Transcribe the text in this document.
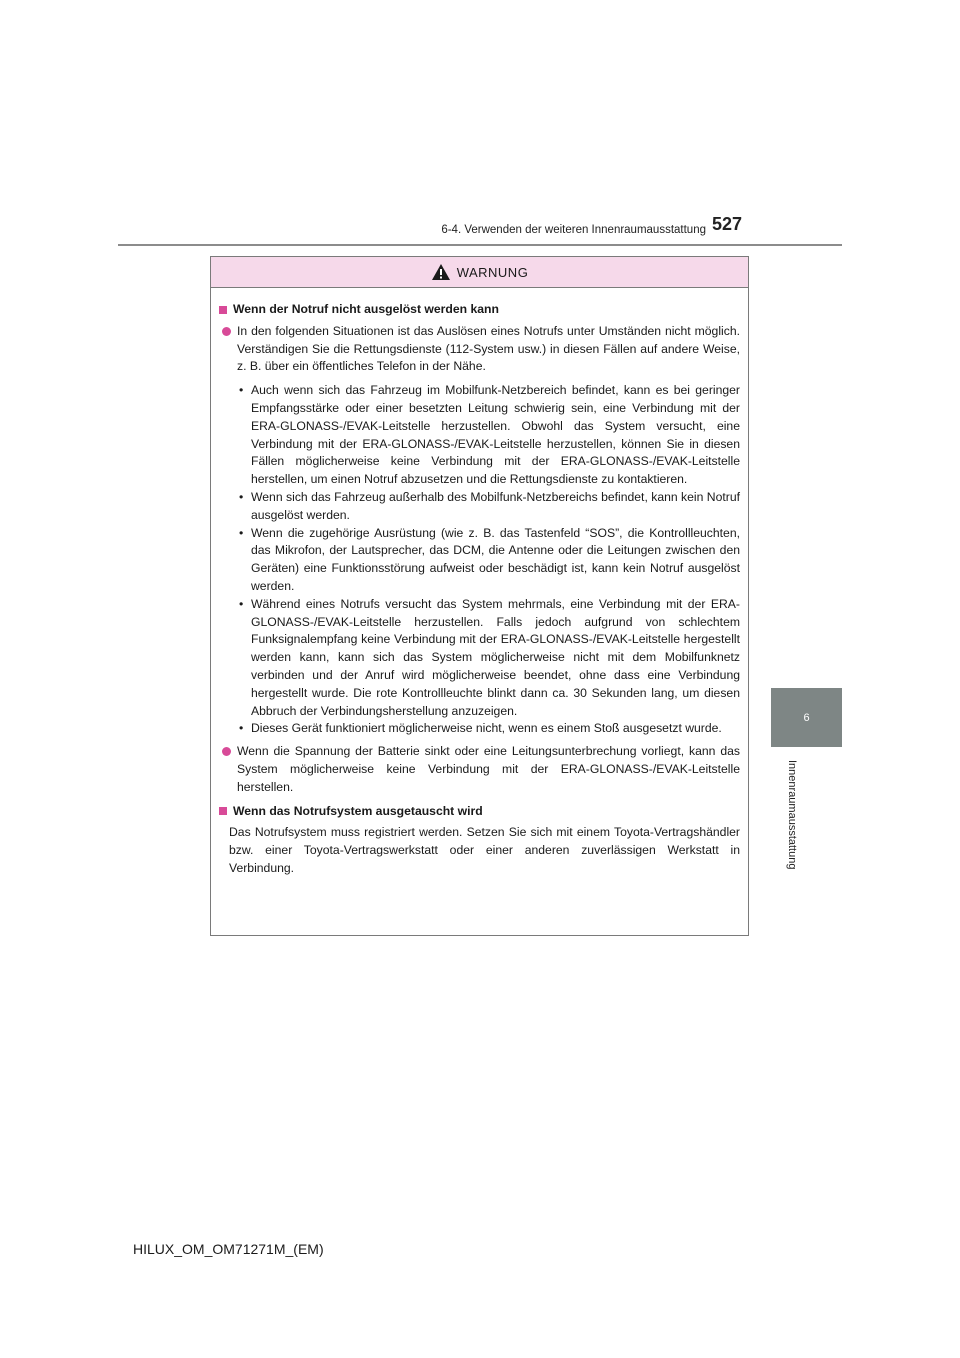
6-4. Verwenden der weiteren Innenraumausstattung 527
6
Innenraumausstattung
WARNUNG
Wenn der Notruf nicht ausgelöst werden kann
In den folgenden Situationen ist das Auslösen eines Notrufs unter Umständen nicht möglich. Verständigen Sie die Rettungsdienste (112-System usw.) in diesen Fällen auf andere Weise, z. B. über ein öffentliches Telefon in der Nähe.
• Auch wenn sich das Fahrzeug im Mobilfunk-Netzbereich befindet, kann es bei geringer Empfangsstärke oder einer besetzten Leitung schwierig sein, eine Verbindung mit der ERA-GLONASS-/EVAK-Leitstelle herzustellen. Obwohl das System versucht, eine Verbindung mit der ERA-GLONASS-/EVAK-Leitstelle herzustellen, können Sie in diesen Fällen möglicherweise keine Verbindung mit der ERA-GLONASS-/EVAK-Leitstelle herstellen, um einen Notruf abzusetzen und die Rettungsdienste zu kontaktieren.
• Wenn sich das Fahrzeug außerhalb des Mobilfunk-Netzbereichs befindet, kann kein Notruf ausgelöst werden.
• Wenn die zugehörige Ausrüstung (wie z. B. das Tastenfeld “SOS”, die Kontrollleuchten, das Mikrofon, der Lautsprecher, das DCM, die Antenne oder die Leitungen zwischen den Geräten) eine Funktionsstörung aufweist oder beschädigt ist, kann kein Notruf ausgelöst werden.
• Während eines Notrufs versucht das System mehrmals, eine Verbindung mit der ERA-GLONASS-/EVAK-Leitstelle herzustellen. Falls jedoch aufgrund von schlechtem Funksignalempfang keine Verbindung mit der ERA-GLONASS-/EVAK-Leitstelle hergestellt werden kann, kann sich das System möglicherweise nicht mit dem Mobilfunknetz verbinden und der Anruf wird möglicherweise beendet, ohne dass eine Verbindung hergestellt wurde. Die rote Kontrollleuchte blinkt dann ca. 30 Sekunden lang, um diesen Abbruch der Verbindungsherstellung anzuzeigen.
• Dieses Gerät funktioniert möglicherweise nicht, wenn es einem Stoß ausgesetzt wurde.
Wenn die Spannung der Batterie sinkt oder eine Leitungsunterbrechung vorliegt, kann das System möglicherweise keine Verbindung mit der ERA-GLONASS-/EVAK-Leitstelle herstellen.
Wenn das Notrufsystem ausgetauscht wird
Das Notrufsystem muss registriert werden. Setzen Sie sich mit einem Toyota-Vertragshändler bzw. einer Toyota-Vertragswerkstatt oder einer anderen zuverlässigen Werkstatt in Verbindung.
HILUX_OM_OM71271M_(EM)
